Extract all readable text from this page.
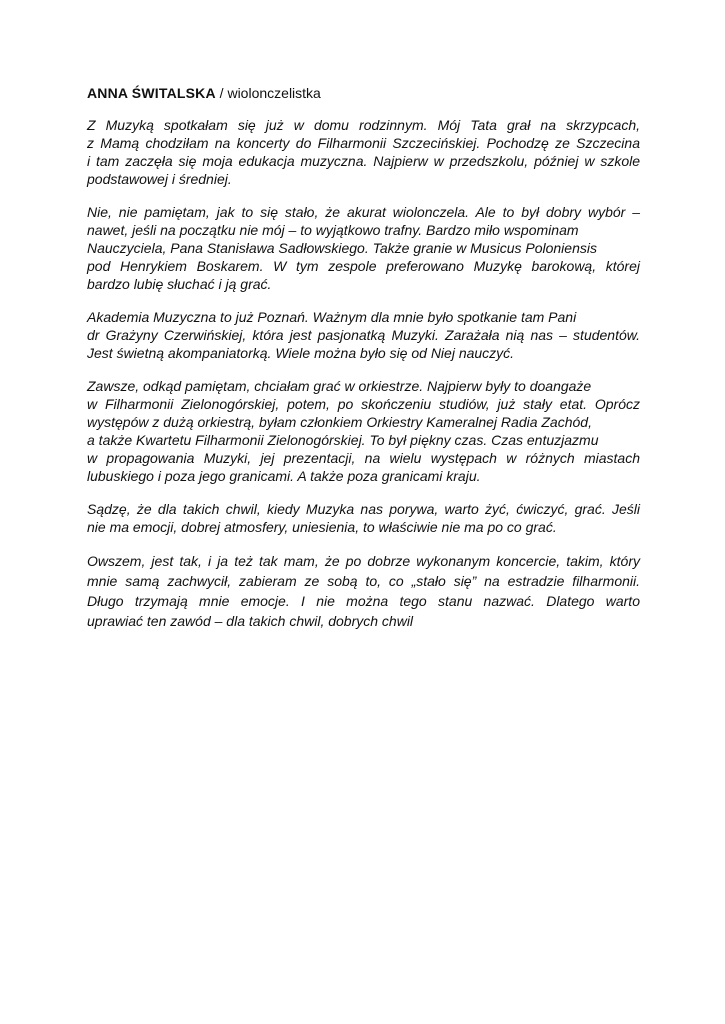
ANNA ŚWITALSKA / wiolonczelistka
Z Muzyką spotkałam się już w domu rodzinnym. Mój Tata grał na skrzypcach,
z Mamą chodziłam na koncerty do Filharmonii Szczecińskiej. Pochodzę ze Szczecina
i tam zaczęła się moja edukacja muzyczna. Najpierw w przedszkolu, później w szkole
podstawowej i średniej.
Nie, nie pamiętam, jak to się stało, że akurat wiolonczela. Ale to był dobry wybór –
nawet, jeśli na początku nie mój – to wyjątkowo trafny. Bardzo miło wspominam
Nauczyciela, Pana Stanisława Sadłowskiego. Także granie w Musicus Poloniensis
pod Henrykiem Boskarem. W tym zespole preferowano Muzykę barokową, której
bardzo lubię słuchać i ją grać.
Akademia Muzyczna to już Poznań. Ważnym dla mnie było spotkanie tam Pani
dr Grażyny Czerwińskiej, która jest pasjonatką Muzyki. Zarażała nią nas – studentów.
Jest świetną akompaniatorką. Wiele można było się od Niej nauczyć.
Zawsze, odkąd pamiętam, chciałam grać w orkiestrze. Najpierw były to doangaże
w Filharmonii Zielonogórskiej, potem, po skończeniu studiów, już stały etat. Oprócz
występów z dużą orkiestrą, byłam członkiem Orkiestry Kameralnej Radia Zachód,
a także Kwartetu Filharmonii Zielonogórskiej. To był piękny czas. Czas entuzjazmu
w propagowania Muzyki, jej prezentacji, na wielu występach w różnych miastach
lubuskiego i poza jego granicami. A także poza granicami kraju.
Sądzę, że dla takich chwil, kiedy Muzyka nas porywa, warto żyć, ćwiczyć, grać. Jeśli
nie ma emocji, dobrej atmosfery, uniesienia, to właściwie nie ma po co grać.
Owszem, jest tak, i ja też tak mam, że po dobrze wykonanym koncercie, takim, który
mnie samą zachwycił, zabieram ze sobą to, co „stało się” na estradzie filharmonii.
Długo trzymają mnie emocje. I nie można tego stanu nazwać. Dlatego warto
uprawiać ten zawód – dla takich chwil, dobrych chwil
